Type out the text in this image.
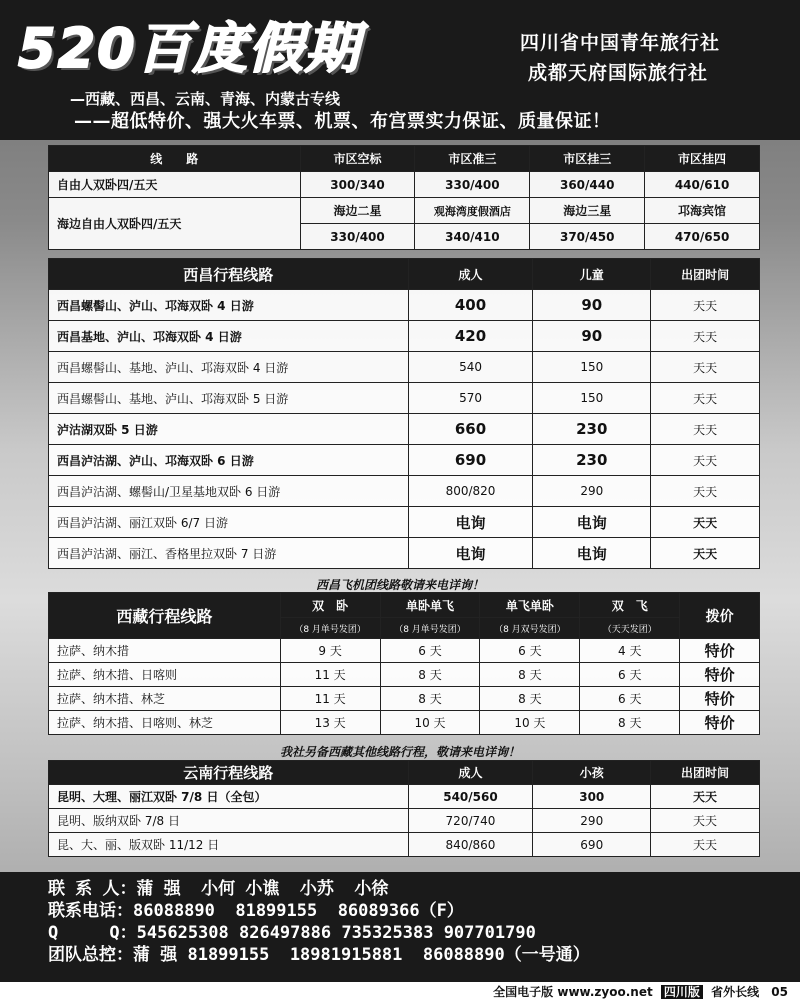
520百度假期	四川省中国青年旅行社
成都天府国际旅行社
—西藏、西昌、云南、青海、内蒙古专线
——超低特价、强大火车票、机票、布宫票实力保证、质量保证！
线　　路	市区空标	市区准三	市区挂三	市区挂四
自由人双卧四/五天	300/340	330/400	360/440	440/610
海边自由人双卧四/五天	海边二星	观海湾度假酒店	海边三星	邛海宾馆
	330/400	340/410	370/450	470/650
西昌行程线路	成人	儿童	出团时间
西昌螺髻山、泸山、邛海双卧 4 日游	400	90	天天
西昌基地、泸山、邛海双卧 4 日游	420	90	天天
西昌螺髻山、基地、泸山、邛海双卧 4 日游	540	150	天天
西昌螺髻山、基地、泸山、邛海双卧 5 日游	570	150	天天
泸沽湖双卧 5 日游	660	230	天天
西昌泸沽湖、泸山、邛海双卧 6 日游	690	230	天天
西昌泸沽湖、螺髻山/卫星基地双卧 6 日游	800/820	290	天天
西昌泸沽湖、丽江双卧 6/7 日游	电询	电询	天天
西昌泸沽湖、丽江、香格里拉双卧 7 日游	电询	电询	天天
西昌飞机团线路敬请来电详询！
西藏行程线路	双　卧	单卧单飞	单飞单卧	双　飞	拨价
	（8 月单号发团）	（8 月单号发团）	（8 月双号发团）	（天天发团）	
拉萨、纳木措	9 天	6 天	6 天	4 天	特价
拉萨、纳木措、日喀则	11 天	8 天	8 天	6 天	特价
拉萨、纳木措、林芝	11 天	8 天	8 天	6 天	特价
拉萨、纳木措、日喀则、林芝	13 天	10 天	10 天	8 天	特价
我社另备西藏其他线路行程，敬请来电详询！
云南行程线路	成人	小孩	出团时间
昆明、大理、丽江双卧 7/8 日（全包）	540/560	300	天天
昆明、版纳双卧 7/8 日	720/740	290	天天
昆、大、丽、版双卧 11/12 日	840/860	690	天天
联 系 人：蒲 强  小何 小谯  小苏  小徐
联系电话：86088890  81899155  86089366（F）
Q     Q：545625308 826497886 735325383 907701790
团队总控：蒲 强 81899155  18981915881  86088890（一号通）
全国电子版 www.zyoo.net 四川版 省外长线 05
